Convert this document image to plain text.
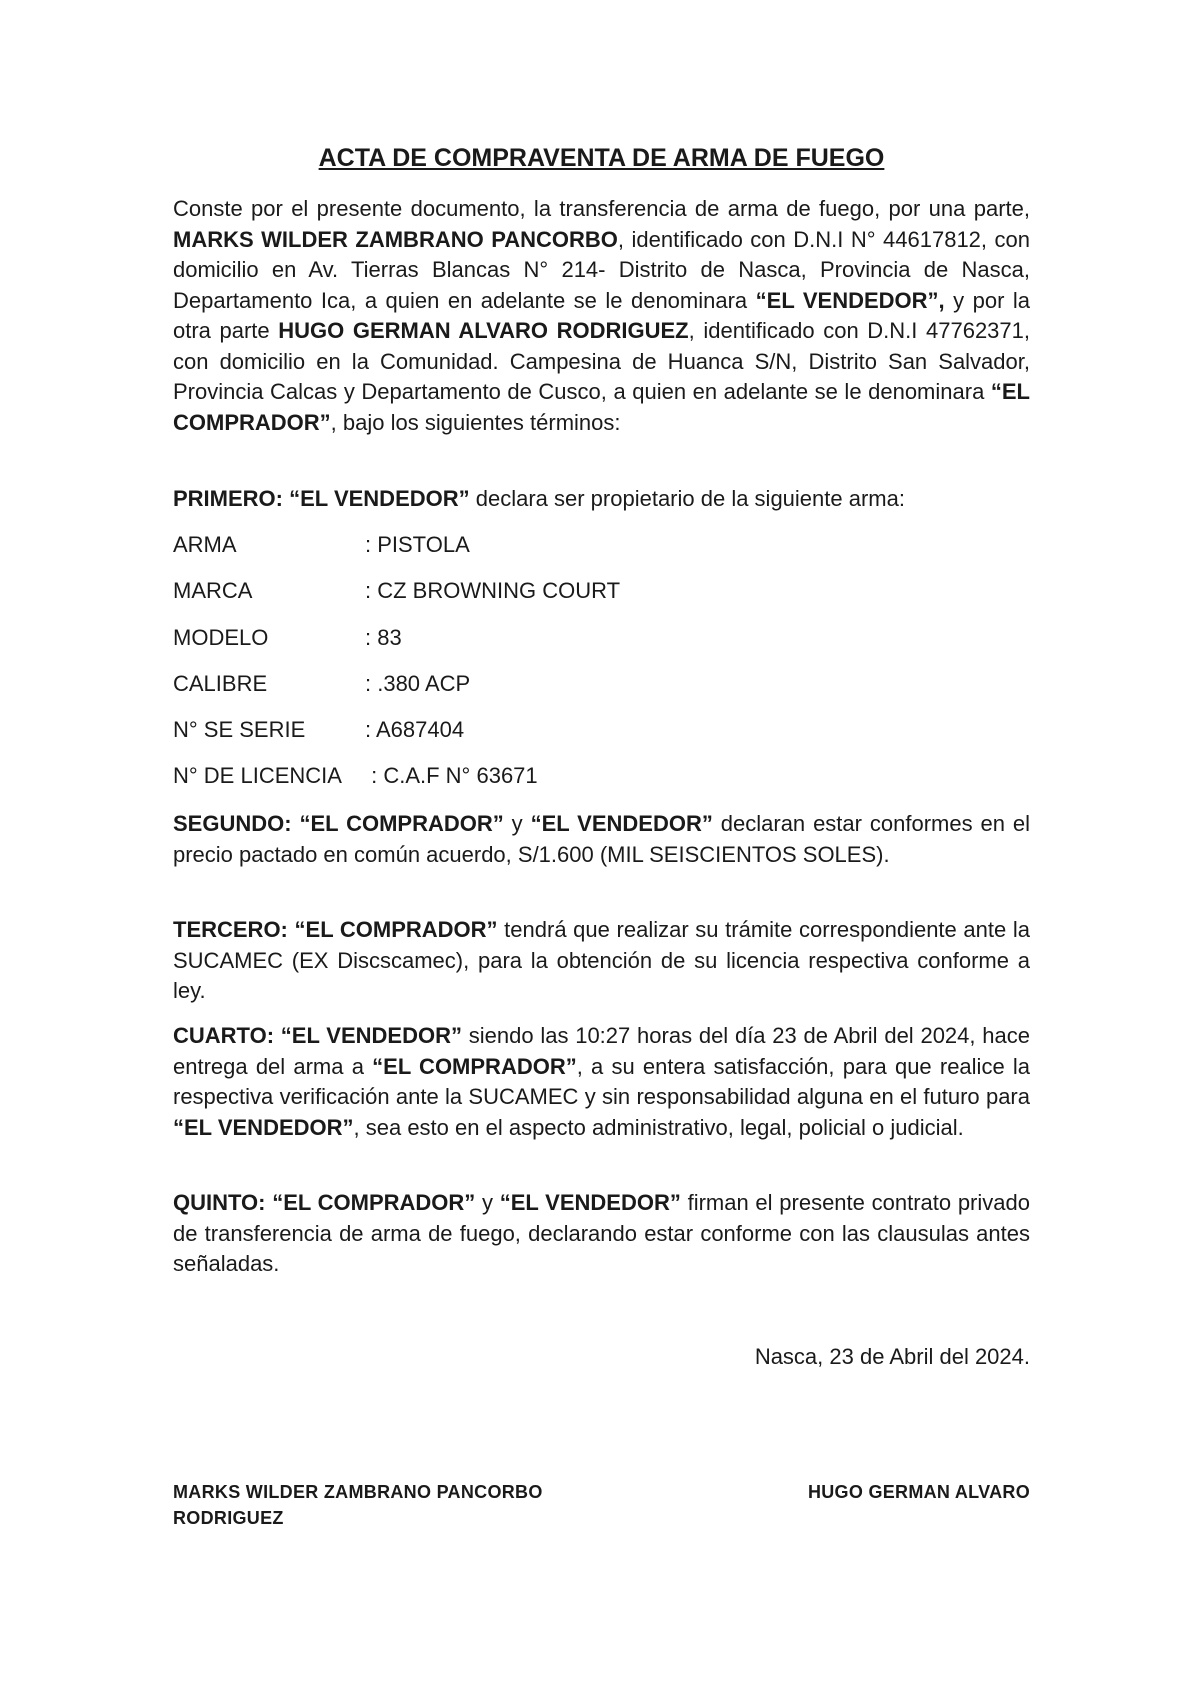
ACTA DE COMPRAVENTA DE ARMA DE FUEGO

Conste por el presente documento, la transferencia de arma de fuego, por una parte, MARKS WILDER ZAMBRANO PANCORBO, identificado con D.N.I N° 44617812, con domicilio en Av. Tierras Blancas N° 214- Distrito de Nasca, Provincia de Nasca, Departamento Ica, a quien en adelante se le denominara “EL VENDEDOR”, y por la otra parte HUGO GERMAN ALVARO RODRIGUEZ, identificado con D.N.I 47762371, con domicilio en la Comunidad. Campesina de Huanca S/N, Distrito San Salvador, Provincia Calcas y Departamento de Cusco, a quien en adelante se le denominara “EL COMPRADOR”, bajo los siguientes términos:

PRIMERO: “EL VENDEDOR” declara ser propietario de la siguiente arma:

ARMA	: PISTOLA

MARCA	: CZ BROWNING COURT

MODELO	: 83

CALIBRE	: .380 ACP

N° SE SERIE	: A687404

N° DE LICENCIA : C.A.F N° 63671

SEGUNDO: “EL COMPRADOR” y “EL VENDEDOR” declaran estar conformes en el precio pactado en común acuerdo, S/1.600 (MIL SEISCIENTOS SOLES).

TERCERO: “EL COMPRADOR” tendrá que realizar su trámite correspondiente ante la SUCAMEC (EX Discscamec), para la obtención de su licencia respectiva conforme a ley.

CUARTO: “EL VENDEDOR” siendo las 10:27 horas del día 23 de Abril del 2024, hace entrega del arma a “EL COMPRADOR”, a su entera satisfacción, para que realice la respectiva verificación ante la SUCAMEC y sin responsabilidad alguna en el futuro para “EL VENDEDOR”, sea esto en el aspecto administrativo, legal, policial o judicial.

QUINTO: “EL COMPRADOR” y “EL VENDEDOR” firman el presente contrato privado de transferencia de arma de fuego, declarando estar conforme con las clausulas antes señaladas.

Nasca, 23 de Abril del 2024.

MARKS WILDER ZAMBRANO PANCORBO	HUGO GERMAN ALVARO

RODRIGUEZ
